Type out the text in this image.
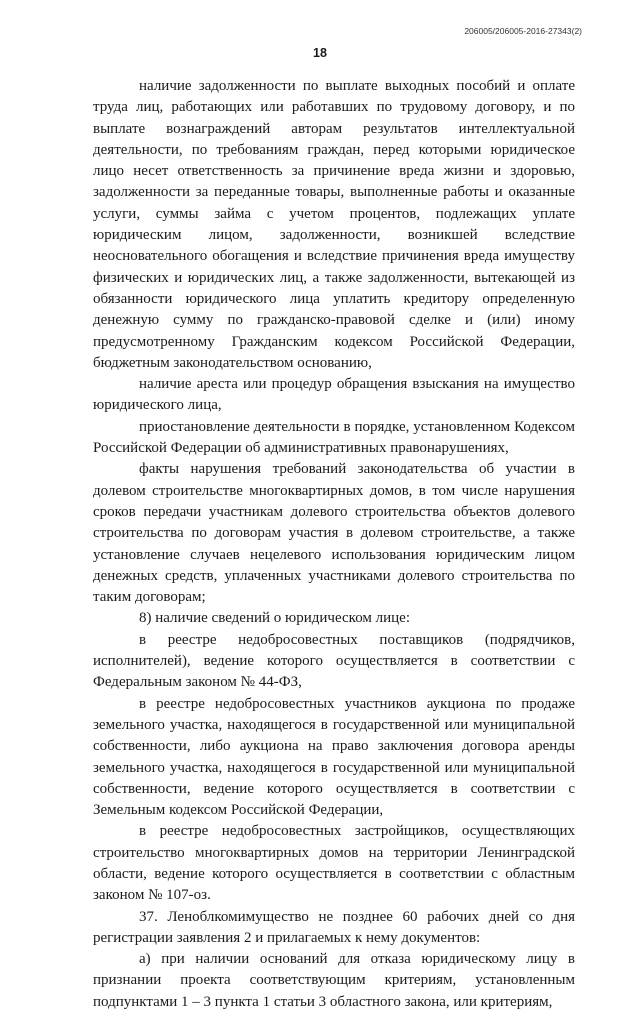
206005/206005-2016-27343(2)
18

наличие задолженности по выплате выходных пособий и оплате труда лиц, работающих или работавших по трудовому договору, и по выплате вознаграждений авторам результатов интеллектуальной деятельности, по требованиям граждан, перед которыми юридическое лицо несет ответственность за причинение вреда жизни и здоровью, задолженности за переданные товары, выполненные работы и оказанные услуги, суммы займа с учетом процентов, подлежащих уплате юридическим лицом, задолженности, возникшей вследствие неосновательного обогащения и вследствие причинения вреда имуществу физических и юридических лиц, а также задолженности, вытекающей из обязанности юридического лица уплатить кредитору определенную денежную сумму по гражданско-правовой сделке и (или) иному предусмотренному Гражданским кодексом Российской Федерации, бюджетным законодательством основанию,

наличие ареста или процедур обращения взыскания на имущество юридического лица,

приостановление деятельности в порядке, установленном Кодексом Российской Федерации об административных правонарушениях,

факты нарушения требований законодательства об участии в долевом строительстве многоквартирных домов, в том числе нарушения сроков передачи участникам долевого строительства объектов долевого строительства по договорам участия в долевом строительстве, а также установление случаев нецелевого использования юридическим лицом денежных средств, уплаченных участниками долевого строительства по таким договорам;

8) наличие сведений о юридическом лице:

в реестре недобросовестных поставщиков (подрядчиков, исполнителей), ведение которого осуществляется в соответствии с Федеральным законом № 44-ФЗ,

в реестре недобросовестных участников аукциона по продаже земельного участка, находящегося в государственной или муниципальной собственности, либо аукциона на право заключения договора аренды земельного участка, находящегося в государственной или муниципальной собственности, ведение которого осуществляется в соответствии с Земельным кодексом Российской Федерации,

в реестре недобросовестных застройщиков, осуществляющих строительство многоквартирных домов на территории Ленинградской области, ведение которого осуществляется в соответствии с областным законом № 107-оз.

37. Леноблкомимущество не позднее 60 рабочих дней со дня регистрации заявления 2 и прилагаемых к нему документов:

а) при наличии оснований для отказа юридическому лицу в признании проекта соответствующим критериям, установленным подпунктами 1 – 3 пункта 1 статьи 3 областного закона, или критериям,
